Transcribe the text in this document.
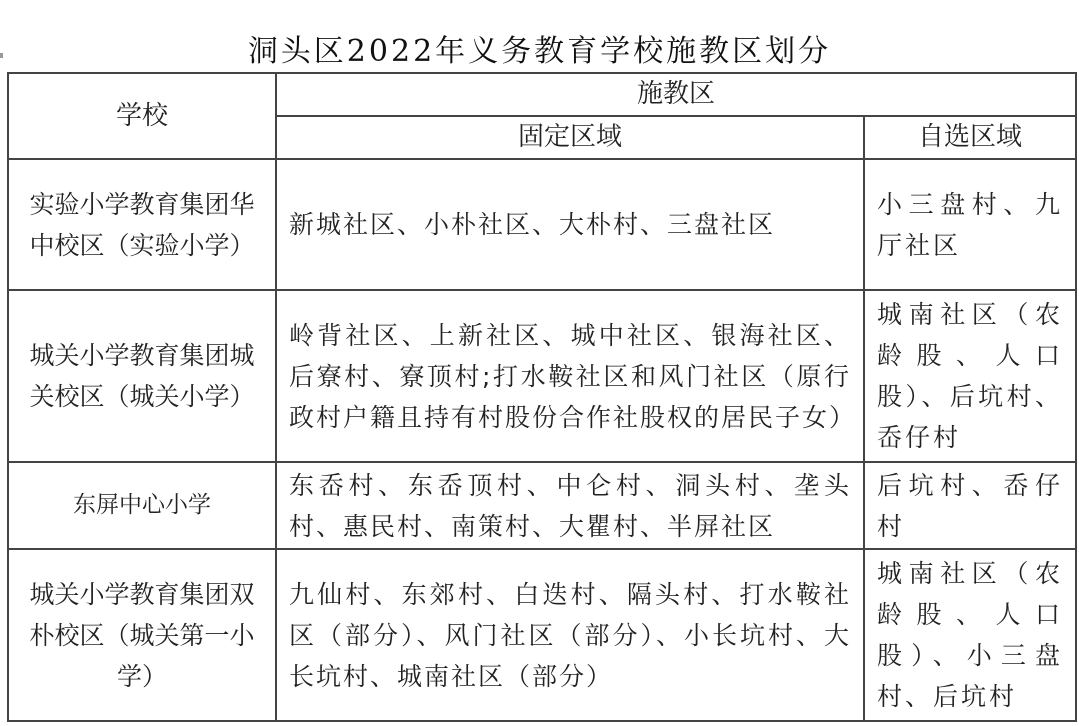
洞头区2022年义务教育学校施教区划分
学校	施教区	
	固定区域	自选区域

实验小学教育集团华中校区（实验小学）	新城社区、小朴社区、大朴村、三盘社区	小三盘村、九厅社区

城关小学教育集团城关校区（城关小学）	岭背社区、上新社区、城中社区、银海社区、后寮村、寮顶村;打水鞍社区和风门社区（原行政村户籍且持有村股份合作社股权的居民子女）	城南社区（农龄股、人口股）、后坑村、岙仔村

东屏中心小学	东岙村、东岙顶村、中仑村、洞头村、垄头村、惠民村、南策村、大瞿村、半屏社区	后坑村、岙仔村

城关小学教育集团双朴校区（城关第一小学）	九仙村、东郊村、白迭村、隔头村、打水鞍社区（部分）、风门社区（部分）、小长坑村、大长坑村、城南社区（部分）	城南社区（农龄股、人口股）、小三盘村、后坑村
